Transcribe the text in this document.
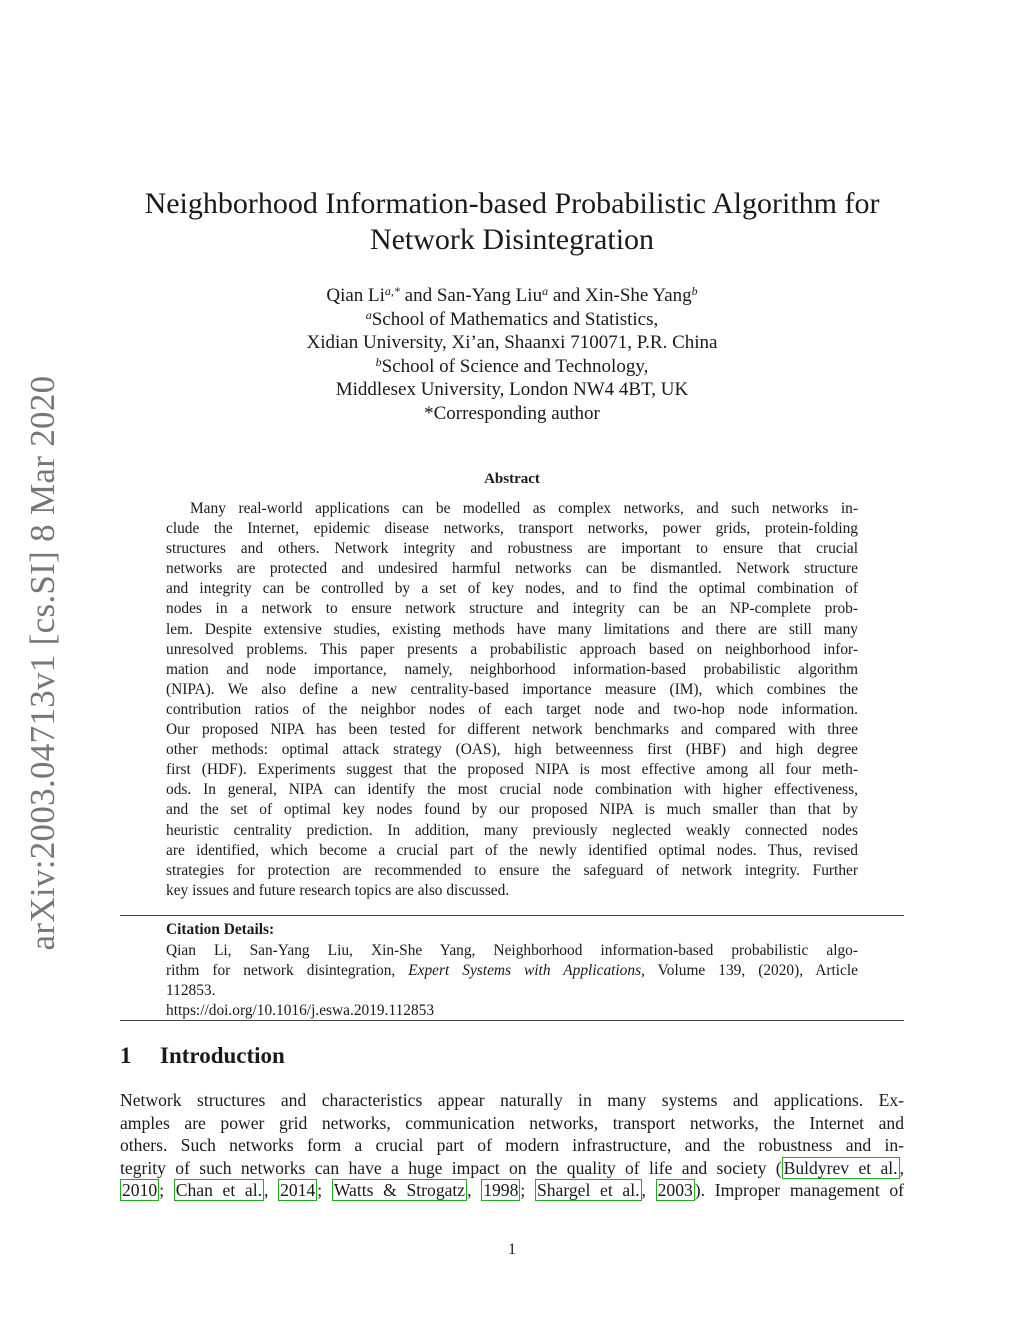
arXiv:2003.04713v1 [cs.SI] 8 Mar 2020
Neighborhood Information-based Probabilistic Algorithm for
Network Disintegration
Qian $Li^{a,*}$ and San-Yang Liu$^a$ and Xin-She Yang$^b$
$^a$School of Mathematics and Statistics,
Xidian University, Xi’an, Shaanxi 710071, P.R. China
$^b$School of Science and Technology,
Middlesex University, London NW4 4BT, UK
*Corresponding author
Abstract
Many real-world applications can be modelled as complex networks, and such networks in-
clude the Internet, epidemic disease networks, transport networks, power grids, protein-folding
structures and others. Network integrity and robustness are important to ensure that crucial
networks are protected and undesired harmful networks can be dismantled. Network structure
and integrity can be controlled by a set of key nodes, and to find the optimal combination of
nodes in a network to ensure network structure and integrity can be an NP-complete prob-
lem. Despite extensive studies, existing methods have many limitations and there are still many
unresolved problems. This paper presents a probabilistic approach based on neighborhood infor-
mation and node importance, namely, neighborhood information-based probabilistic algorithm
(NIPA). We also define a new centrality-based importance measure (IM), which combines the
contribution ratios of the neighbor nodes of each target node and two-hop node information.
Our proposed NIPA has been tested for different network benchmarks and compared with three
other methods: optimal attack strategy (OAS), high betweenness first (HBF) and high degree
first (HDF). Experiments suggest that the proposed NIPA is most effective among all four meth-
ods. In general, NIPA can identify the most crucial node combination with higher effectiveness,
and the set of optimal key nodes found by our proposed NIPA is much smaller than that by
heuristic centrality prediction. In addition, many previously neglected weakly connected nodes
are identified, which become a crucial part of the newly identified optimal nodes. Thus, revised
strategies for protection are recommended to ensure the safeguard of network integrity. Further
key issues and future research topics are also discussed.
Citation Details:
Qian Li, San-Yang Liu, Xin-She Yang, Neighborhood information-based probabilistic algo-
rithm for network disintegration, Expert Systems with Applications, Volume 139, (2020), Article
112853.
https://doi.org/10.1016/j.eswa.2019.112853
1 Introduction
Network structures and characteristics appear naturally in many systems and applications. Ex-
amples are power grid networks, communication networks, transport networks, the Internet and
others. Such networks form a crucial part of modern infrastructure, and the robustness and in-
tegrity of such networks can have a huge impact on the quality of life and society ( Buldyrev et al. ,
2010 ; Chan et al. , 2014 ; Watts & Strogatz , 1998 ; Shargel et al. , 2003 ). Improper management of
1
